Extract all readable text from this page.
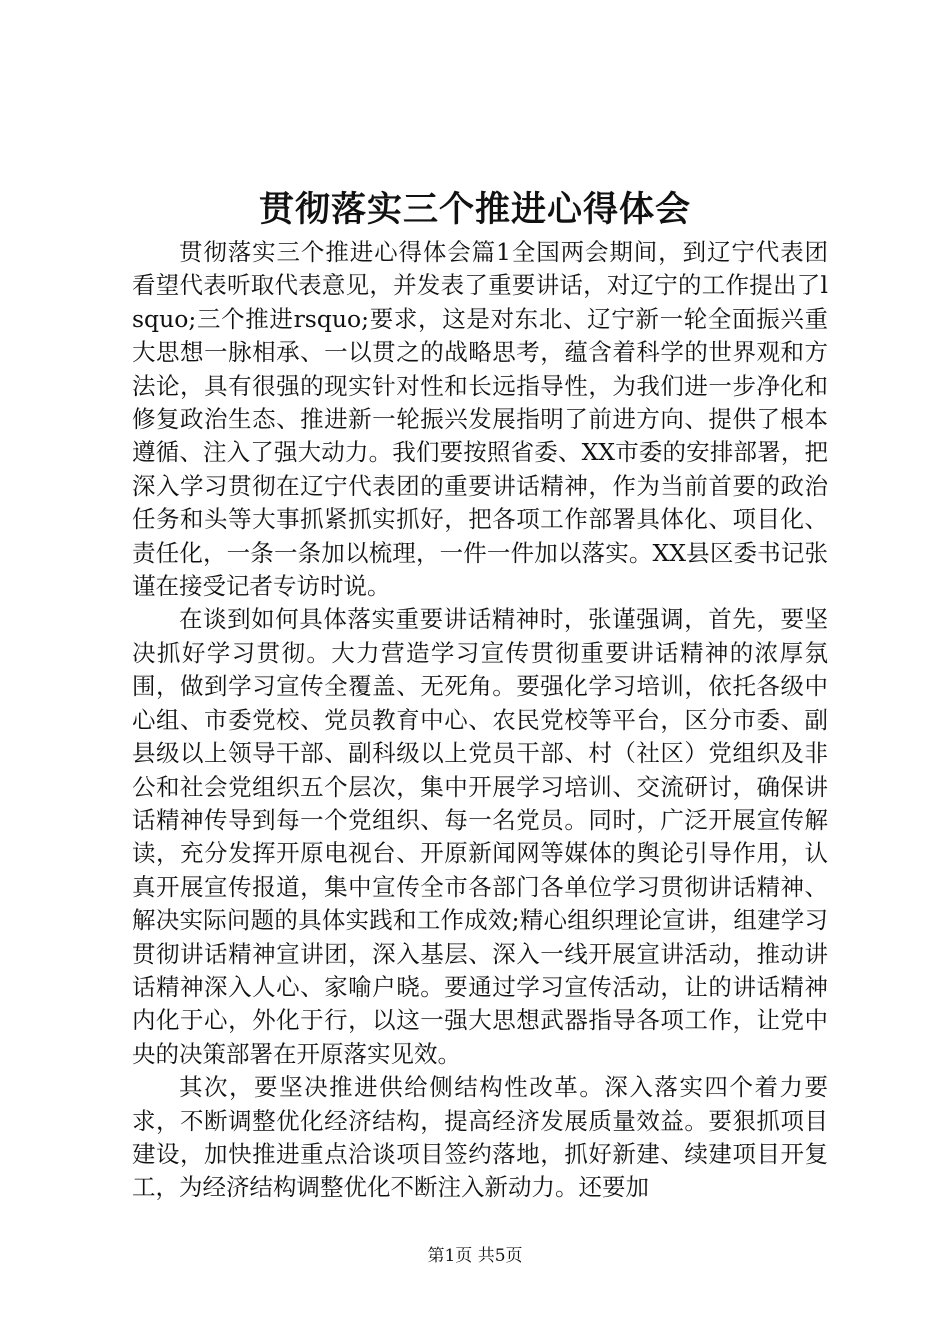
贯彻落实三个推进心得体会

贯彻落实三个推进心得体会篇1全国两会期间，到辽宁代表团看望代表听取代表意见，并发表了重要讲话，对辽宁的工作提出了lsquo;三个推进rsquo;要求，这是对东北、辽宁新一轮全面振兴重大思想一脉相承、一以贯之的战略思考，蕴含着科学的世界观和方法论，具有很强的现实针对性和长远指导性，为我们进一步净化和修复政治生态、推进新一轮振兴发展指明了前进方向、提供了根本遵循、注入了强大动力。我们要按照省委、XX市委的安排部署，把深入学习贯彻在辽宁代表团的重要讲话精神，作为当前首要的政治任务和头等大事抓紧抓实抓好，把各项工作部署具体化、项目化、责任化，一条一条加以梳理，一件一件加以落实。XX县区委书记张谨在接受记者专访时说。

在谈到如何具体落实重要讲话精神时，张谨强调，首先，要坚决抓好学习贯彻。大力营造学习宣传贯彻重要讲话精神的浓厚氛围，做到学习宣传全覆盖、无死角。要强化学习培训，依托各级中心组、市委党校、党员教育中心、农民党校等平台，区分市委、副县级以上领导干部、副科级以上党员干部、村（社区）党组织及非公和社会党组织五个层次，集中开展学习培训、交流研讨，确保讲话精神传导到每一个党组织、每一名党员。同时，广泛开展宣传解读，充分发挥开原电视台、开原新闻网等媒体的舆论引导作用，认真开展宣传报道，集中宣传全市各部门各单位学习贯彻讲话精神、解决实际问题的具体实践和工作成效;精心组织理论宣讲，组建学习贯彻讲话精神宣讲团，深入基层、深入一线开展宣讲活动，推动讲话精神深入人心、家喻户晓。要通过学习宣传活动，让的讲话精神内化于心，外化于行，以这一强大思想武器指导各项工作，让党中央的决策部署在开原落实见效。

其次，要坚决推进供给侧结构性改革。深入落实四个着力要求，不断调整优化经济结构，提高经济发展质量效益。要狠抓项目建设，加快推进重点洽谈项目签约落地，抓好新建、续建项目开复工，为经济结构调整优化不断注入新动力。还要加

第1页 共5页
